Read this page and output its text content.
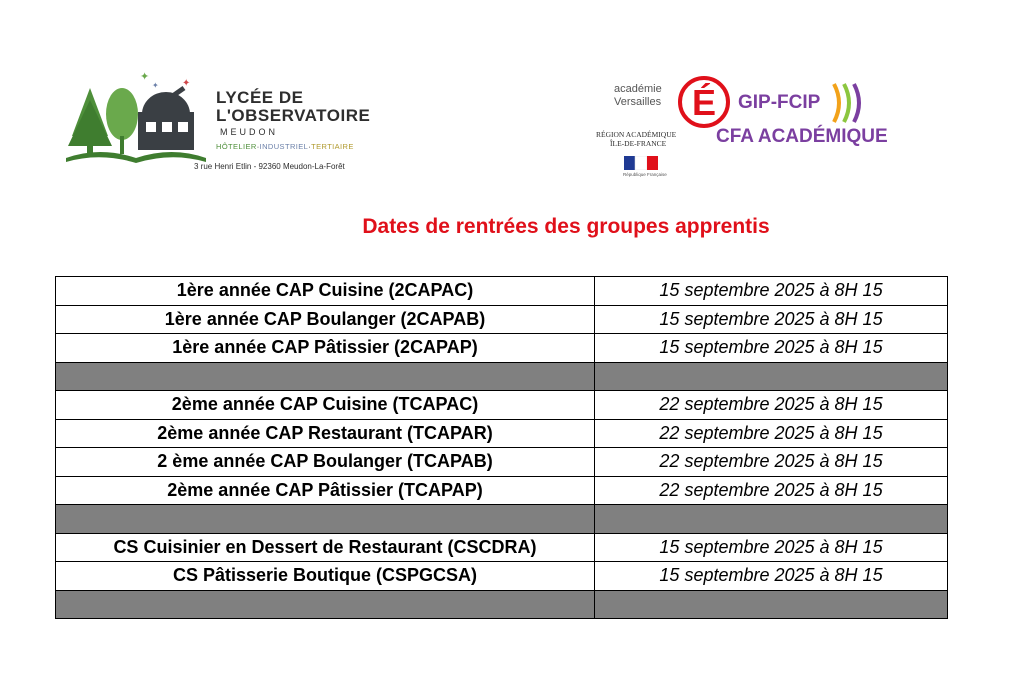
✦
✦ ✦
LYCÉE DE
L'OBSERVATOIRE
MEUDON
HÔTELIER·INDUSTRIEL·TERTIAIRE
3 rue Henri Etlin - 92360 Meudon-La-Forêt
académie
Versailles É GIP-FCIP
RÉGION ACADÉMIQUE
ÎLE-DE-FRANCE	CFA ACADÉMIQUE
République Française
Dates de rentrées des groupes apprentis
1ère année CAP Cuisine (2CAPAC)	15 septembre 2025 à 8H 15
1ère année CAP Boulanger (2CAPAB)	15 septembre 2025 à 8H 15
1ère année CAP Pâtissier (2CAPAP)	15 septembre 2025 à 8H 15

2ème année CAP Cuisine (TCAPAC)	22 septembre 2025 à 8H 15
2ème année CAP Restaurant (TCAPAR)	22 septembre 2025 à 8H 15
2 ème année CAP Boulanger (TCAPAB)	22 septembre 2025 à 8H 15
2ème année CAP Pâtissier (TCAPAP)	22 septembre 2025 à 8H 15

CS Cuisinier en Dessert de Restaurant (CSCDRA)	15 septembre 2025 à 8H 15
CS Pâtisserie Boutique (CSPGCSA)	15 septembre 2025 à 8H 15
